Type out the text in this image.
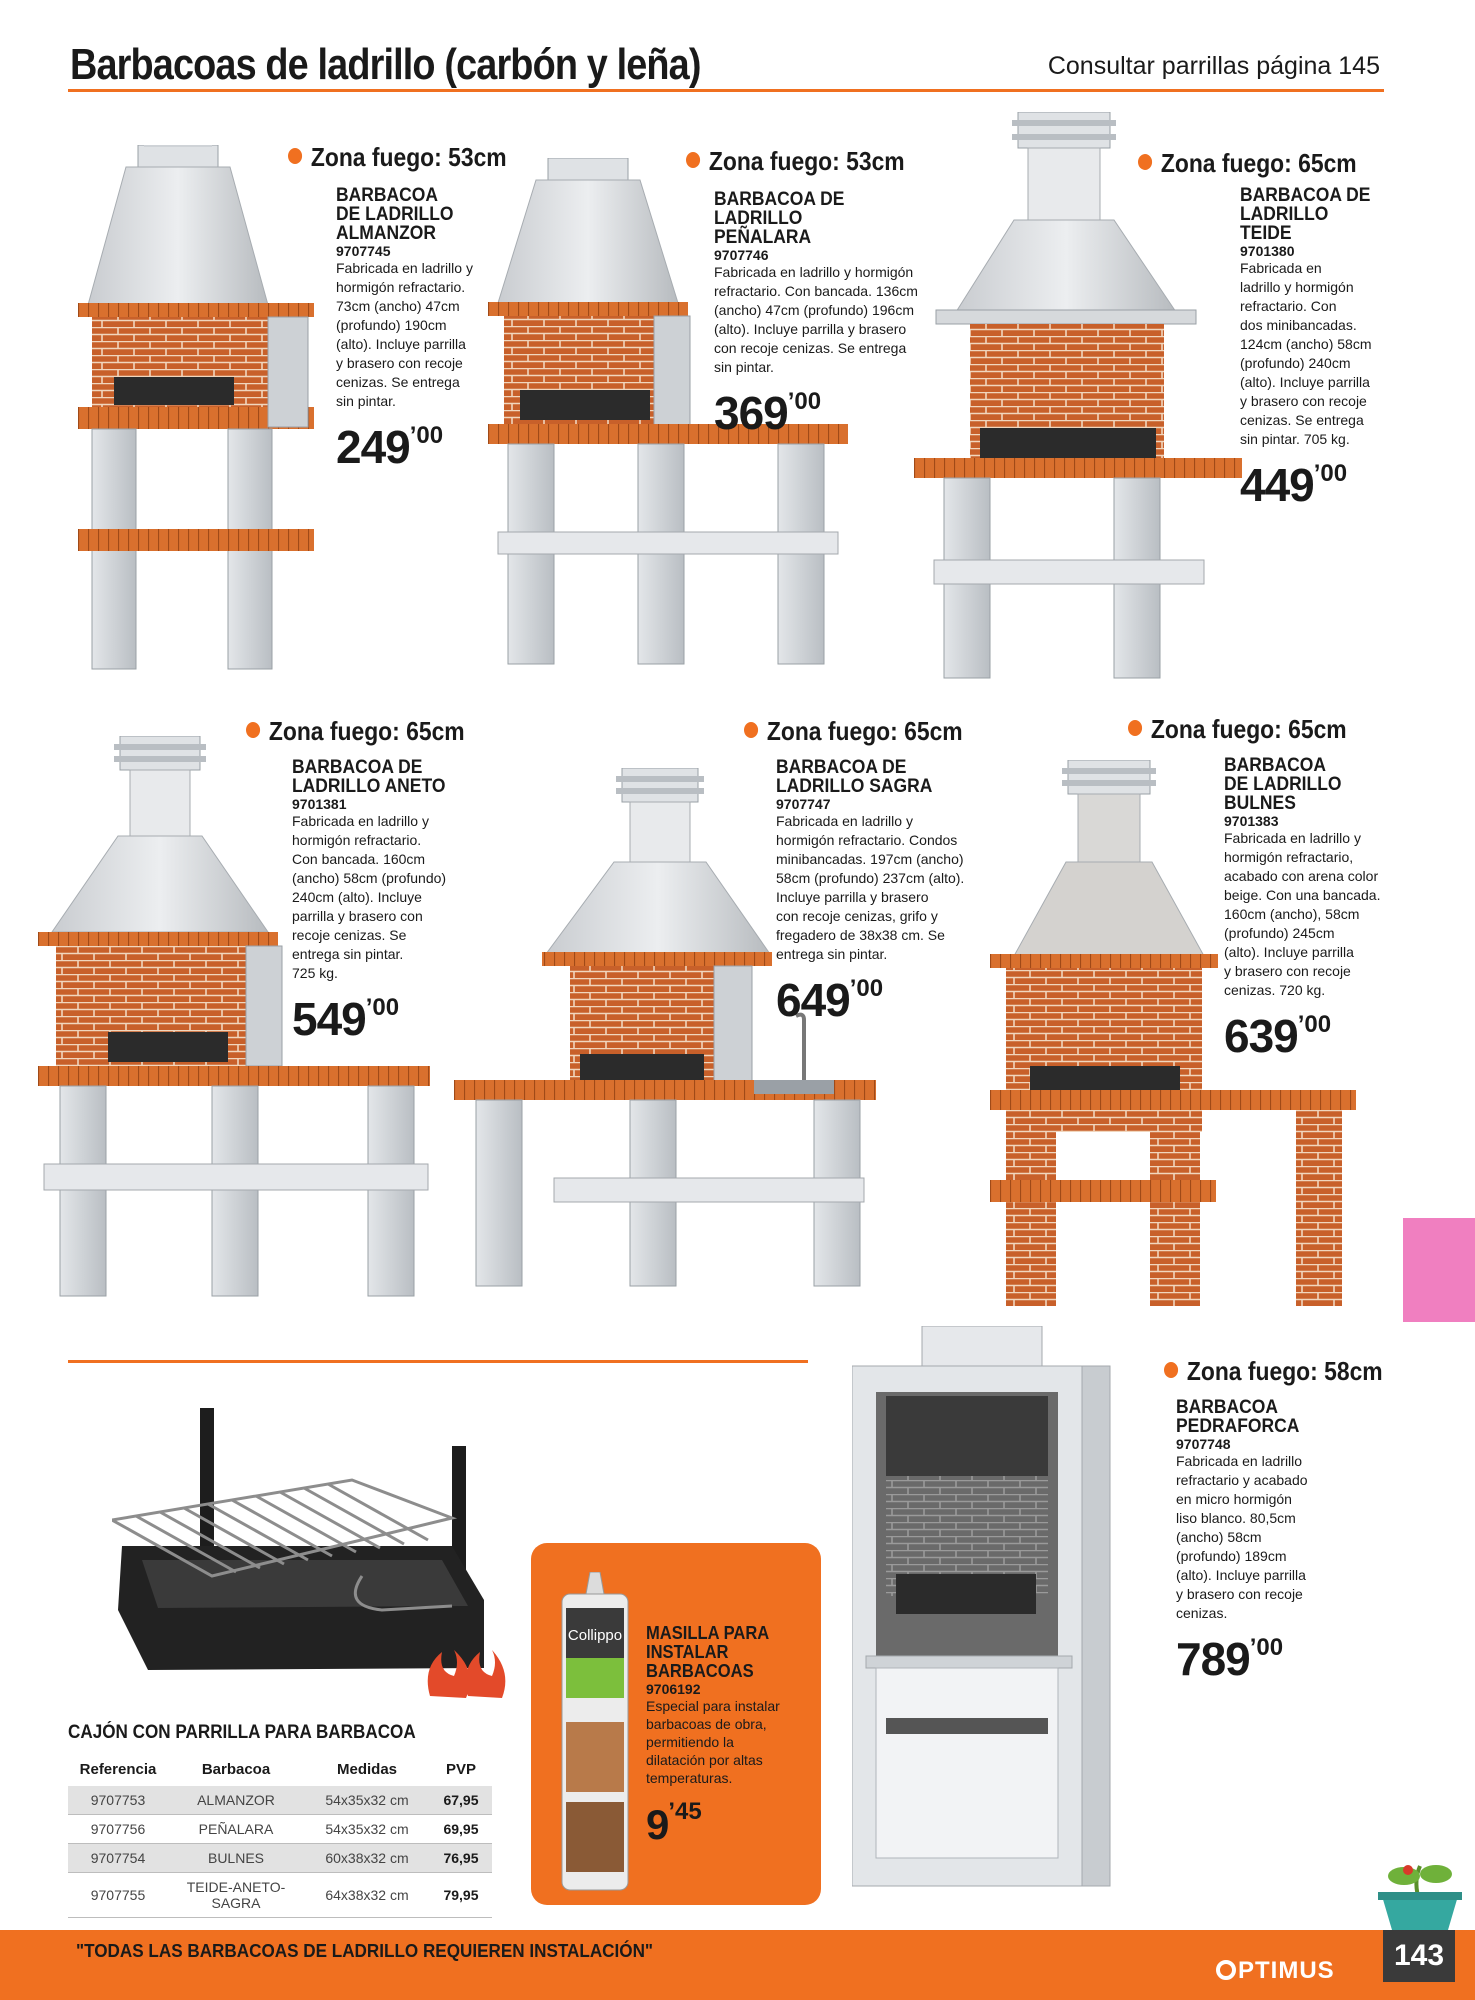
Barbacoas de ladrillo (carbón y leña)	Consultar parrillas página 145
Zona fuego: 53cm
BARBACOA
DE LADRILLO
ALMANZOR
9707745
Fabricada en ladrillo y
hormigón refractario.
73cm (ancho) 47cm
(profundo) 190cm
(alto). Incluye parrilla
y brasero con recoje
cenizas. Se entrega
sin pintar.
$249^{’00}$
Zona fuego: 53cm
BARBACOA DE LADRILLO
PEÑALARA
9707746
Fabricada en ladrillo y hormigón
refractario. Con bancada. 136cm
(ancho) 47cm (profundo) 196cm
(alto). Incluye parrilla y brasero
con recoje cenizas. Se entrega
sin pintar.
$369^{’00}$
Zona fuego: 65cm
BARBACOA DE
LADRILLO TEIDE
9701380
Fabricada en
ladrillo y hormigón
refractario. Con
dos minibancadas.
124cm (ancho) 58cm
(profundo) 240cm
(alto). Incluye parrilla
y brasero con recoje
cenizas. Se entrega
sin pintar. 705 kg.
$449^{’00}$
Zona fuego: 65cm
BARBACOA DE
LADRILLO ANETO
9701381
Fabricada en ladrillo y
hormigón refractario.
Con bancada. 160cm
(ancho) 58cm (profundo)
240cm (alto). Incluye
parrilla y brasero con
recoje cenizas. Se
entrega sin pintar.
725 kg.
$549^{’00}$
Zona fuego: 65cm
BARBACOA DE
LADRILLO SAGRA
9707747
Fabricada en ladrillo y
hormigón refractario. Condos
minibancadas. 197cm (ancho)
58cm (profundo) 237cm (alto).
Incluye parrilla y brasero
con recoje cenizas, grifo y
fregadero de 38x38 cm. Se
entrega sin pintar.
$649^{’00}$
Zona fuego: 65cm
BARBACOA
DE LADRILLO
BULNES
9701383
Fabricada en ladrillo y
hormigón refractario,
acabado con arena color
beige. Con una bancada.
160cm (ancho), 58cm
(profundo) 245cm
(alto). Incluye parrilla
y brasero con recoje
cenizas. 720 kg.
$639^{’00}$
CAJÓN CON PARRILLA PARA BARBACOA
Referencia	Barbacoa	Medidas	PVP
9707753	ALMANZOR	54x35x32 cm	67,95
9707756	PEÑALARA	54x35x32 cm	69,95
9707754	BULNES	60x38x32 cm	76,95
9707755	TEIDE-ANETO-SAGRA	64x38x32 cm	79,95
Collippo MASILLA PARA
INSTALAR
BARBACOAS
9706192
Especial para instalar
barbacoas de obra,
permitiendo la
dilatación por altas
temperaturas.
$9^{’45}$
Zona fuego: 58cm
BARBACOA
PEDRAFORCA
9707748
Fabricada en ladrillo
refractario y acabado
en micro hormigón
liso blanco. 80,5cm
(ancho) 58cm
(profundo) 189cm
(alto). Incluye parrilla
y brasero con recoje
cenizas.
$789^{’00}$
"TODAS LAS BARBACOAS DE LADRILLO REQUIEREN INSTALACIÓN"
PTIMUS	143
